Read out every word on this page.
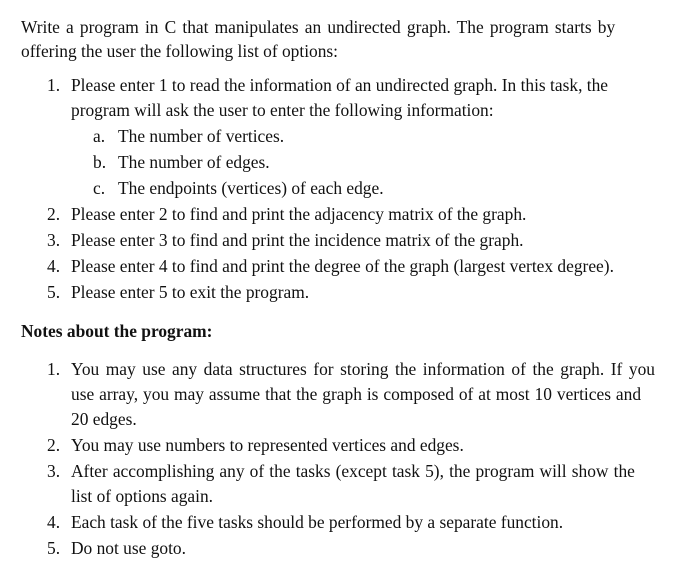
Write a program in C that manipulates an undirected graph. The program starts by
offering the user the following list of options:
1. Please enter 1 to read the information of an undirected graph. In this task, the
program will ask the user to enter the following information:
a. The number of vertices.
b. The number of edges.
c. The endpoints (vertices) of each edge.
2. Please enter 2 to find and print the adjacency matrix of the graph.
3. Please enter 3 to find and print the incidence matrix of the graph.
4. Please enter 4 to find and print the degree of the graph (largest vertex degree).
5. Please enter 5 to exit the program.
Notes about the program:
1. You may use any data structures for storing the information of the graph. If you
use array, you may assume that the graph is composed of at most 10 vertices and
20 edges.
2. You may use numbers to represented vertices and edges.
3. After accomplishing any of the tasks (except task 5), the program will show the
list of options again.
4. Each task of the five tasks should be performed by a separate function.
5. Do not use goto.
